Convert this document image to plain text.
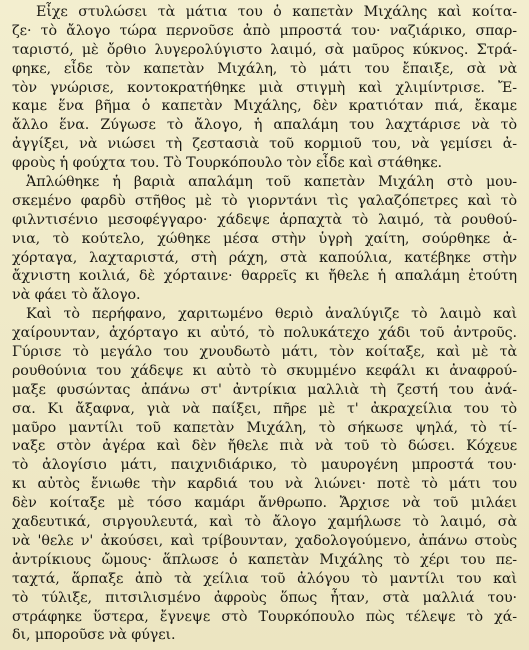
Εἶχε στυλώσει τὰ μάτια του ὁ καπετὰν Μιχάλης καὶ κοίτα-
ζε· τὸ ἄλογο τώρα περνοῦσε ἀπὸ μπροστά του· ναζιάρικο, σπαρ-
ταριστό, μὲ ὄρθιο λυγερολύγιστο λαιμό, σὰ μαῦρος κύκνος. Στρά-
φηκε, εἶδε τὸν καπετὰν Μιχάλη, τὸ μάτι του ἔπαιξε, σὰ νὰ
τὸν γνώρισε, κοντοκρατήθηκε μιὰ στιγμὴ καὶ χλιμίντρισε. Ἔ-
καμε ἕνα βῆμα ὁ καπετὰν Μιχάλης, δὲν κρατιόταν πιά, ἔκαμε
ἄλλο ἕνα. Ζύγωσε τὸ ἄλογο, ἡ απαλάμη του λαχτάρισε νὰ τὸ
ἀγγίξει, νὰ νιώσει τὴ ζεστασιὰ τοῦ κορμιοῦ του, νὰ γεμίσει ἀ-
φροὺς ἡ φούχτα του. Τὸ Τουρκόπουλο τὸν εἶδε καὶ στάθηκε.
Ἁπλώθηκε ἡ βαριὰ απαλάμη τοῦ καπετὰν Μιχάλη στὸ μου-
σκεμένο φαρδὺ στῆθος μὲ τὸ γιορντάνι τὶς γαλαζόπετρες καὶ τὸ
φιλντισένιο μεσοφέγγαρο· χάδεψε ἁρπαχτὰ τὸ λαιμό, τὰ ρουθού-
νια, τὸ κούτελο, χώθηκε μέσα στὴν ὑγρὴ χαίτη, σούρθηκε ἀ-
χόρταγα, λαχταριστά, στὴ ράχη, στὰ καπούλια, κατέβηκε στὴν
ἄχνιστη κοιλιά, δὲ χόρταινε· θαρρεῖς κι ἤθελε ἡ απαλάμη ἐτούτη
νὰ φάει τὸ ἄλογο.
Καὶ τὸ περήφανο, χαριτωμένο θεριὸ ἀναλύγιζε τὸ λαιμὸ καὶ
χαίρουνταν, ἀχόρταγο κι αὐτό, τὸ πολυκάτεχο χάδι τοῦ ἀντροῦς.
Γύρισε τὸ μεγάλο του χνουδωτὸ μάτι, τὸν κοίταξε, καὶ μὲ τὰ
ρουθούνια του χάδεψε κι αὐτὸ τὸ σκυμμένο κεφάλι κι ἀναφρού-
μαξε φυσώντας ἀπάνω στ' ἀντρίκια μαλλιὰ τὴ ζεστή του ἀνά-
σα. Κι ἄξαφνα, γιὰ νὰ παίξει, πῆρε μὲ τ' ἀκραχείλια του τὸ
μαῦρο μαντίλι τοῦ καπετὰν Μιχάλη, τὸ σήκωσε ψηλά, τὸ τί-
ναξε στὸν ἀγέρα καὶ δὲν ἤθελε πιὰ νὰ τοῦ τὸ δώσει. Κόχευε
τὸ ἀλογίσιο μάτι, παιχνιδιάρικο, τὸ μαυρογένη μπροστά του·
κι αὐτὸς ἔνιωθε τὴν καρδιά του νὰ λιώνει· ποτὲ τὸ μάτι του
δὲν κοίταξε μὲ τόσο καμάρι ἄνθρωπο. Ἄρχισε νὰ τοῦ μιλάει
χαδευτικά, σιργουλευτά, καὶ τὸ ἄλογο χαμήλωσε τὸ λαιμό, σὰ
νὰ 'θελε ν' ἀκούσει, καὶ τρίβουνταν, χαδολογούμενο, ἀπάνω στοὺς
ἀντρίκιους ὤμους· ἅπλωσε ὁ καπετὰν Μιχάλης τὸ χέρι του πε-
ταχτά, ἅρπαξε ἀπὸ τὰ χείλια τοῦ ἀλόγου τὸ μαντίλι του καὶ
τὸ τύλιξε, πιτσιλισμένο ἀφροὺς ὅπως ἦταν, στὰ μαλλιά του·
στράφηκε ὕστερα, ἔγνεψε στὸ Τουρκόπουλο πὼς τέλεψε τὸ χά-
δι, μποροῦσε νὰ φύγει.
